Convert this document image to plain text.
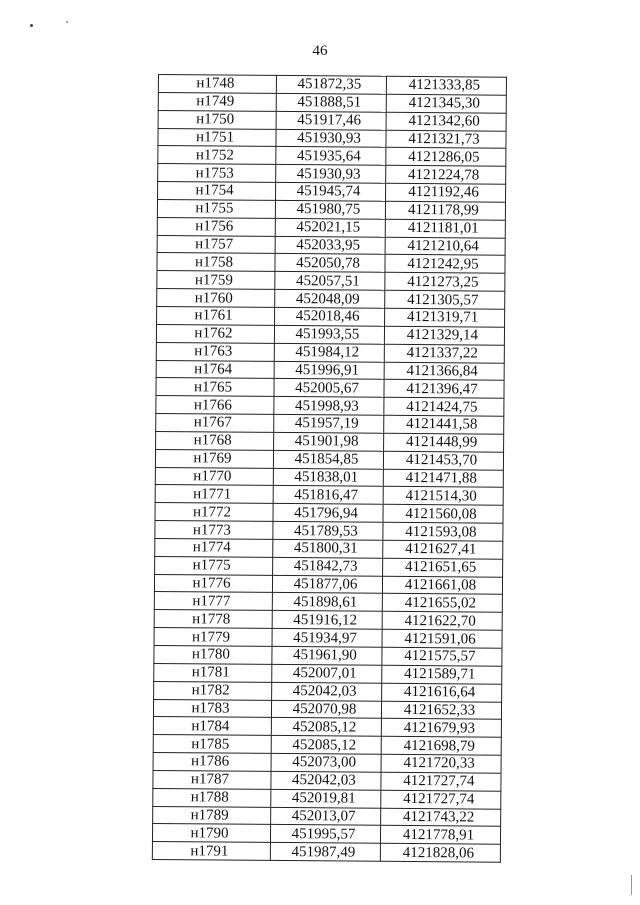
46
н1748	451872,35	4121333,85
н1749	451888,51	4121345,30
н1750	451917,46	4121342,60
н1751	451930,93	4121321,73
н1752	451935,64	4121286,05
н1753	451930,93	4121224,78
н1754	451945,74	4121192,46
н1755	451980,75	4121178,99
н1756	452021,15	4121181,01
н1757	452033,95	4121210,64
н1758	452050,78	4121242,95
н1759	452057,51	4121273,25
н1760	452048,09	4121305,57
н1761	452018,46	4121319,71
н1762	451993,55	4121329,14
н1763	451984,12	4121337,22
н1764	451996,91	4121366,84
н1765	452005,67	4121396,47
н1766	451998,93	4121424,75
н1767	451957,19	4121441,58
н1768	451901,98	4121448,99
н1769	451854,85	4121453,70
н1770	451838,01	4121471,88
н1771	451816,47	4121514,30
н1772	451796,94	4121560,08
н1773	451789,53	4121593,08
н1774	451800,31	4121627,41
н1775	451842,73	4121651,65
н1776	451877,06	4121661,08
н1777	451898,61	4121655,02
н1778	451916,12	4121622,70
н1779	451934,97	4121591,06
н1780	451961,90	4121575,57
н1781	452007,01	4121589,71
н1782	452042,03	4121616,64
н1783	452070,98	4121652,33
н1784	452085,12	4121679,93
н1785	452085,12	4121698,79
н1786	452073,00	4121720,33
н1787	452042,03	4121727,74
н1788	452019,81	4121727,74
н1789	452013,07	4121743,22
н1790	451995,57	4121778,91
н1791	451987,49	4121828,06
